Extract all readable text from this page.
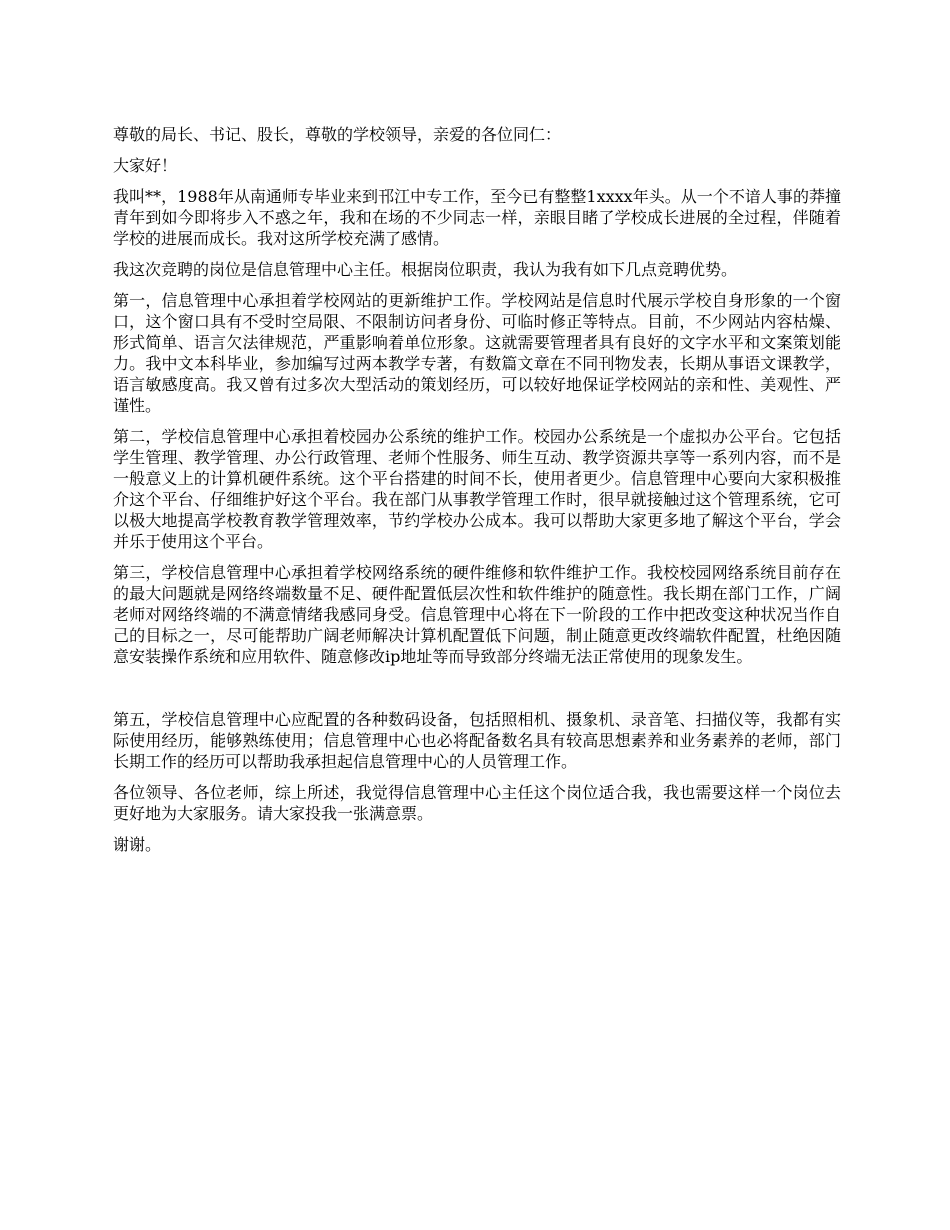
尊敬的局长、书记、股长，尊敬的学校领导，亲爱的各位同仁：

大家好！

我叫**，1988年从南通师专毕业来到邗江中专工作，至今已有整整1xxxx年头。从一个不谙人事的莽撞青年到如今即将步入不惑之年，我和在场的不少同志一样，亲眼目睹了学校成长进展的全过程，伴随着学校的进展而成长。我对这所学校充满了感情。

我这次竞聘的岗位是信息管理中心主任。根据岗位职责，我认为我有如下几点竞聘优势。

第一，信息管理中心承担着学校网站的更新维护工作。学校网站是信息时代展示学校自身形象的一个窗口，这个窗口具有不受时空局限、不限制访问者身份、可临时修正等特点。目前，不少网站内容枯燥、形式简单、语言欠法律规范，严重影响着单位形象。这就需要管理者具有良好的文字水平和文案策划能力。我中文本科毕业，参加编写过两本教学专著，有数篇文章在不同刊物发表，长期从事语文课教学，语言敏感度高。我又曾有过多次大型活动的策划经历，可以较好地保证学校网站的亲和性、美观性、严谨性。

第二，学校信息管理中心承担着校园办公系统的维护工作。校园办公系统是一个虚拟办公平台。它包括学生管理、教学管理、办公行政管理、老师个性服务、师生互动、教学资源共享等一系列内容，而不是一般意义上的计算机硬件系统。这个平台搭建的时间不长，使用者更少。信息管理中心要向大家积极推介这个平台、仔细维护好这个平台。我在部门从事教学管理工作时，很早就接触过这个管理系统，它可以极大地提高学校教育教学管理效率，节约学校办公成本。我可以帮助大家更多地了解这个平台，学会并乐于使用这个平台。

第三，学校信息管理中心承担着学校网络系统的硬件维修和软件维护工作。我校校园网络系统目前存在的最大问题就是网络终端数量不足、硬件配置低层次性和软件维护的随意性。我长期在部门工作，广阔老师对网络终端的不满意情绪我感同身受。信息管理中心将在下一阶段的工作中把改变这种状况当作自己的目标之一，尽可能帮助广阔老师解决计算机配置低下问题，制止随意更改终端软件配置，杜绝因随意安装操作系统和应用软件、随意修改ip地址等而导致部分终端无法正常使用的现象发生。

第五，学校信息管理中心应配置的各种数码设备，包括照相机、摄象机、录音笔、扫描仪等，我都有实际使用经历，能够熟练使用；信息管理中心也必将配备数名具有较高思想素养和业务素养的老师，部门长期工作的经历可以帮助我承担起信息管理中心的人员管理工作。

各位领导、各位老师，综上所述，我觉得信息管理中心主任这个岗位适合我，我也需要这样一个岗位去更好地为大家服务。请大家投我一张满意票。

谢谢。
